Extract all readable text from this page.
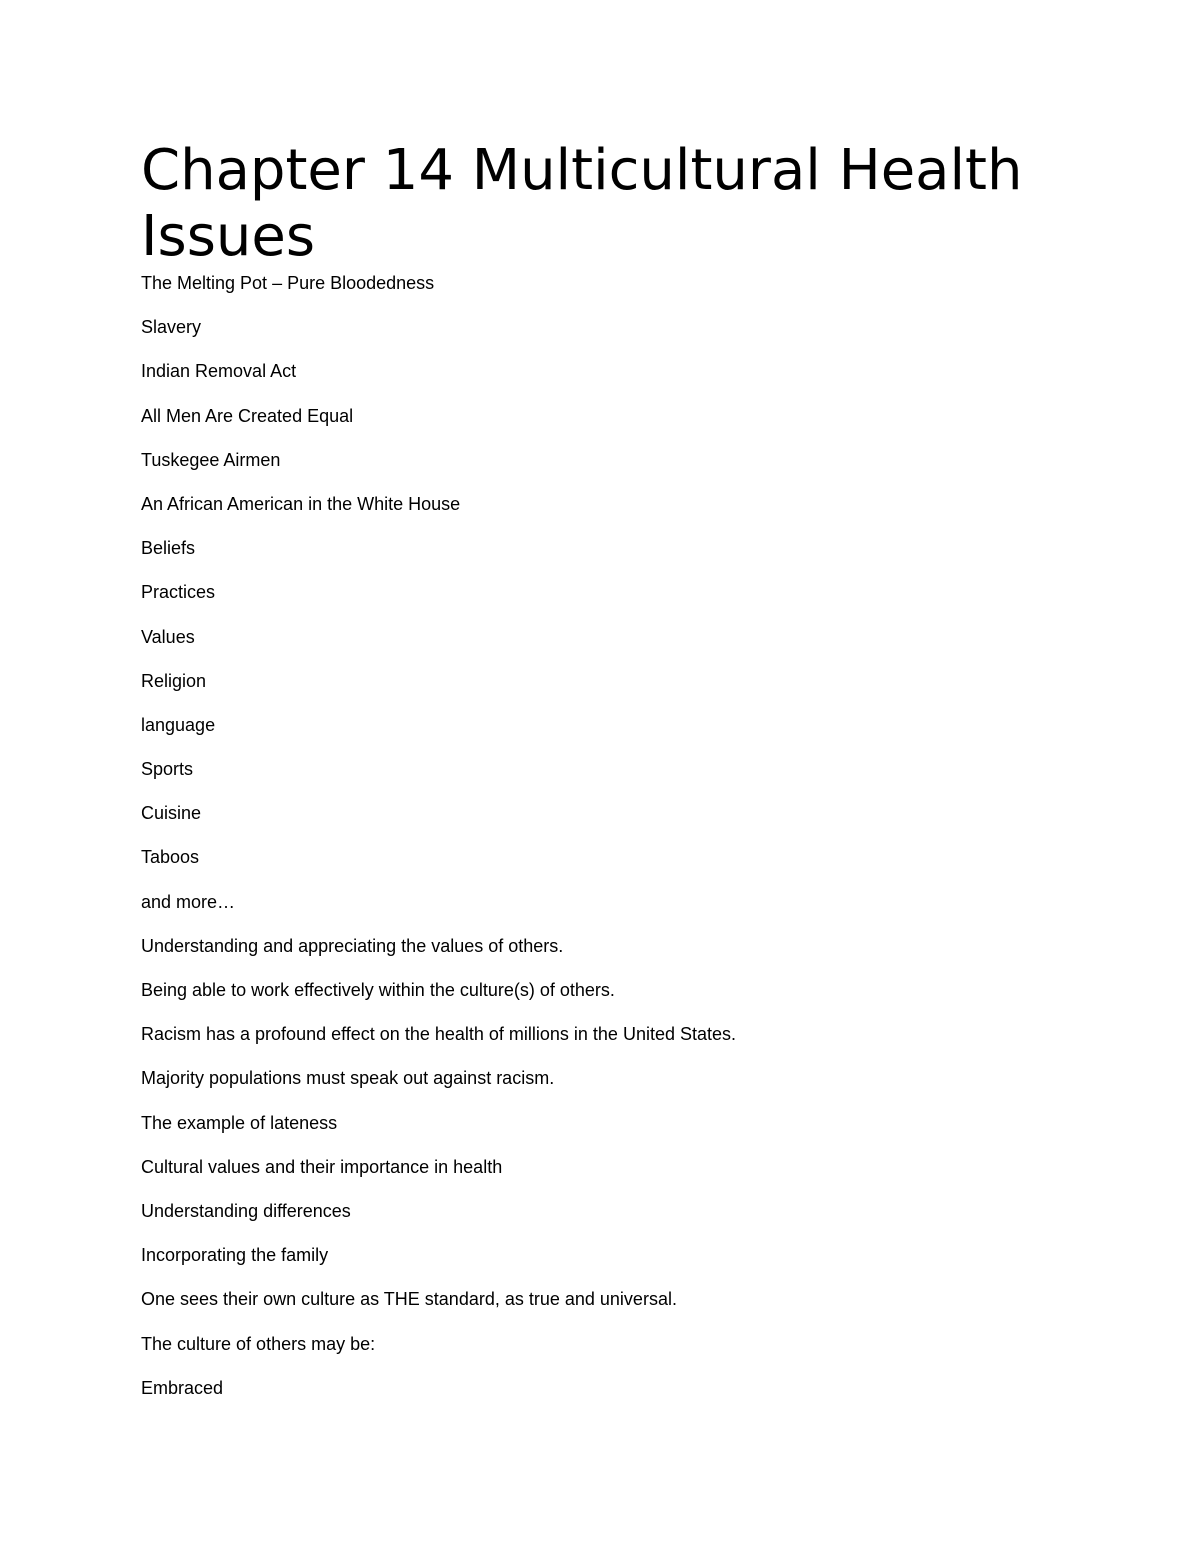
Chapter 14 Multicultural Health Issues
The Melting Pot – Pure Bloodedness
Slavery
Indian Removal Act
All Men Are Created Equal
Tuskegee Airmen
An African American in the White House
Beliefs
Practices
Values
Religion
language
Sports
Cuisine
Taboos
and more…
Understanding and appreciating the values of others.
Being able to work effectively within the culture(s) of others.
Racism has a profound effect on the health of millions in the United States.
Majority populations must speak out against racism.
The example of lateness
Cultural values and their importance in health
Understanding differences
Incorporating the family
One sees their own culture as THE standard, as true and universal.
The culture of others may be:
Embraced
